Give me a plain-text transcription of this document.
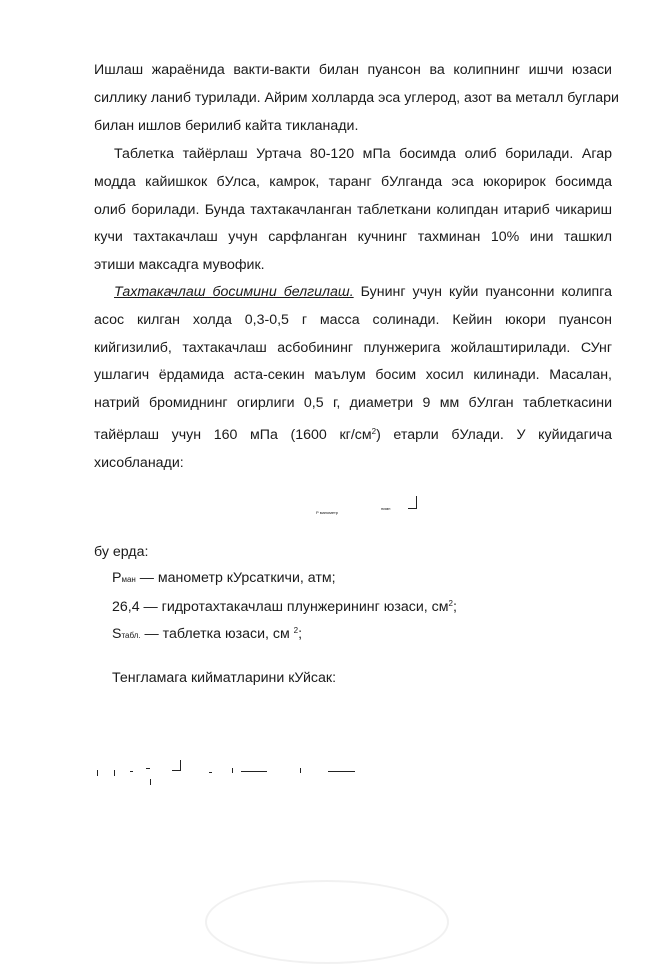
Ишлаш жараёнида вакти-вакти билан пуансон ва колипнинг ишчи юзаси
силлику ланиб турилади. Айрим холларда эса углерод, азот ва металл буглари
билан ишлов берилиб кайта тикланади.
Таблетка тайёрлаш Уртача 80-120 мПа босимда олиб борилади. Агар
модда кайишкок бУлса, камрок, таранг бУлганда эса юкорирок босимда
олиб борилади. Бунда тахтакачланган таблеткани колипдан итариб чикариш
кучи тахтакачлаш учун сарфланган кучнинг тахминан 10% ини ташкил
этиши максадга мувофик.
Тахтакачлаш босимини белгилаш. Бунинг учун куйи пуансонни колипга
асос килган холда 0,3-0,5 г масса солинади. Кейин юкори пуансон
кийгизилиб, тахтакачлаш асбобининг плунжерига жойлаштирилади. СУнг
ушлагич ёрдамида аста-секин маълум босим хосил килинади. Масалан,
натрий бромиднинг огирлиги 0,5 г, диаметри 9 мм бУлган таблеткасини
тайёрлаш учун 160 мПа (1600 $кг/см^2$) етарли бУлади. У куйидагича
хисобланади:
P манометр
нимп
бу ерда:
Рман — манометр кУрсаткичи, атм;
26,4 — гидротахтакачлаш плунжерининг юзаси, $см^2$;
Sтабл. — таблетка юзаси, см $^2$;
Тенгламага кийматларини кУйсак:
